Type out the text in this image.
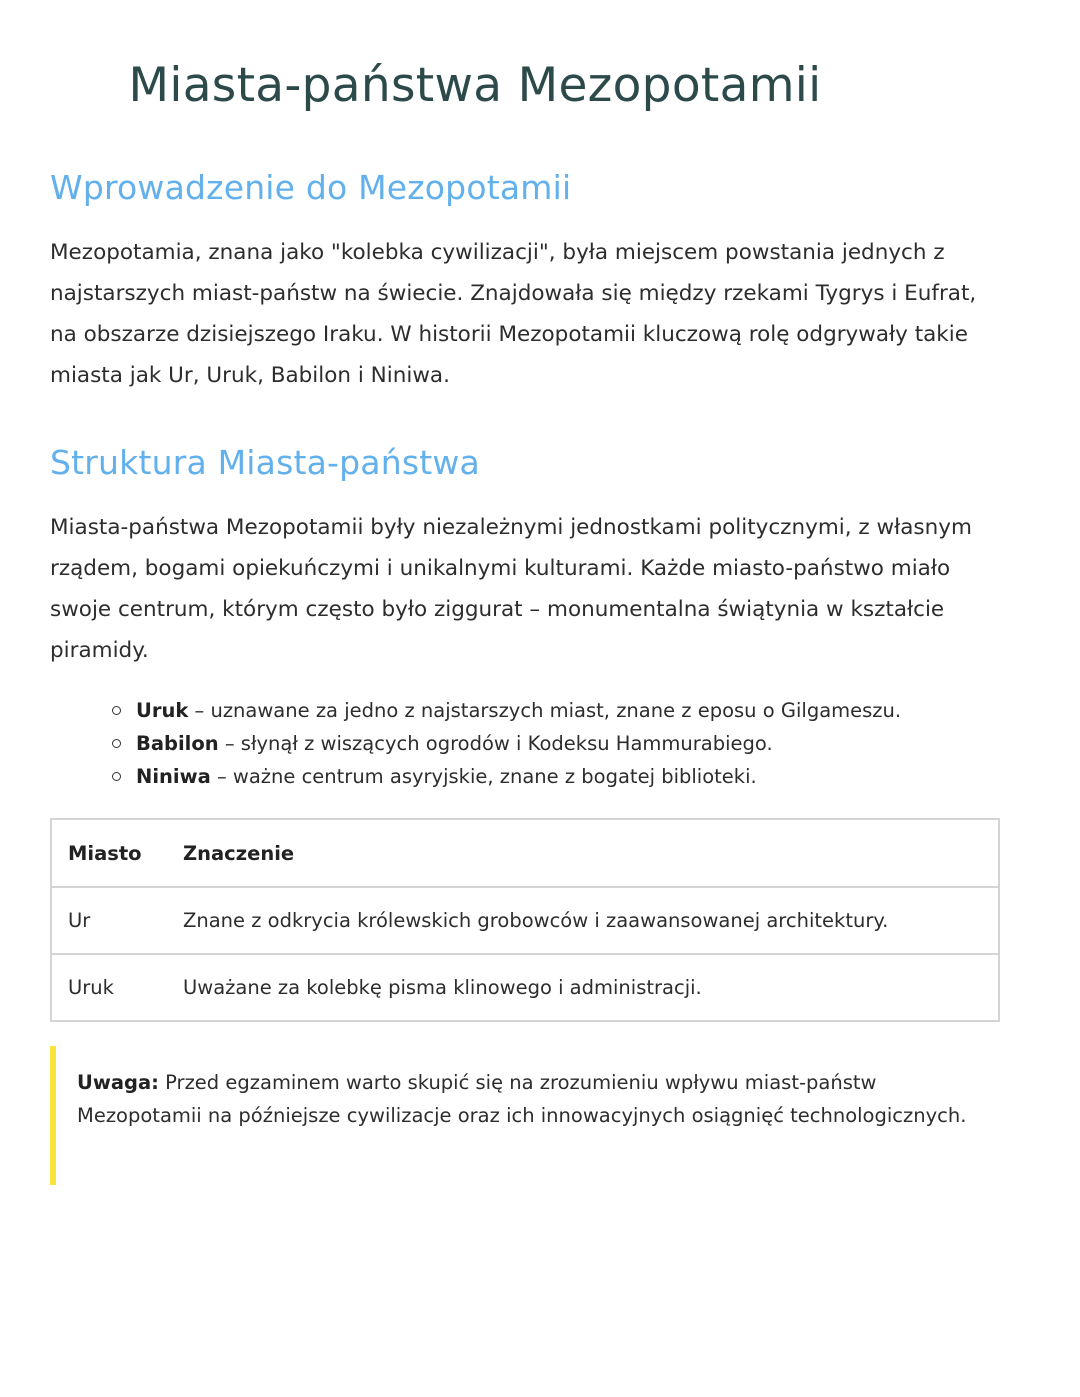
Miasta-państwa Mezopotamii
Wprowadzenie do Mezopotamii

Mezopotamia, znana jako "kolebka cywilizacji", była miejscem powstania jednych z najstarszych miast-państw na świecie. Znajdowała się między rzekami Tygrys i Eufrat, na obszarze dzisiejszego Iraku. W historii Mezopotamii kluczową rolę odgrywały takie miasta jak Ur, Uruk, Babilon i Niniwa.

Struktura Miasta-państwa

Miasta-państwa Mezopotamii były niezależnymi jednostkami politycznymi, z własnym rządem, bogami opiekuńczymi i unikalnymi kulturami. Każde miasto-państwo miało swoje centrum, którym często było ziggurat – monumentalna świątynia w kształcie piramidy.

Uruk – uznawane za jedno z najstarszych miast, znane z eposu o Gilgameszu.
Babilon – słynął z wiszących ogrodów i Kodeksu Hammurabiego.
Niniwa – ważne centrum asyryjskie, znane z bogatej biblioteki.
Miasto	Znaczenie
Ur	Znane z odkrycia królewskich grobowców i zaawansowanej architektury.
Uruk	Uważane za kolebkę pisma klinowego i administracji.
Uwaga: Przed egzaminem warto skupić się na zrozumieniu wpływu miast-państw Mezopotamii na późniejsze cywilizacje oraz ich innowacyjnych osiągnięć technologicznych.
